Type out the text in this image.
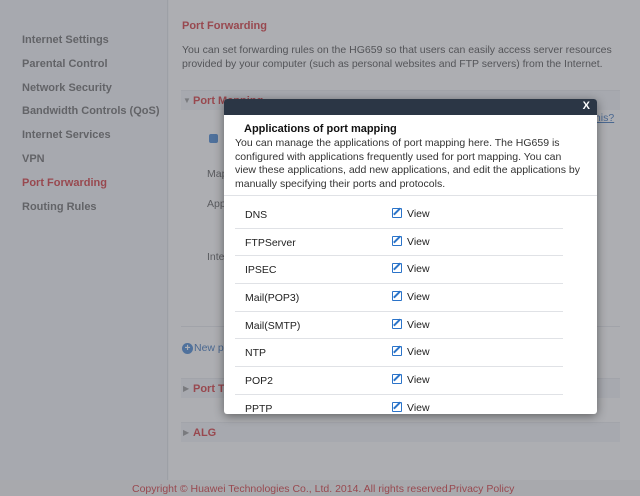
X
Applications of port mapping
You can manage the applications of port mapping here. The HG659 is configured with applications frequently used for port mapping. You can view these applications, add new applications, and edit the applications by manually specifying their ports and protocols.
DNS	View
FTPServer	View
IPSEC	View
Mail(POP3)	View
Mail(SMTP)	View
NTP	View
POP2	View
PPTP	View
